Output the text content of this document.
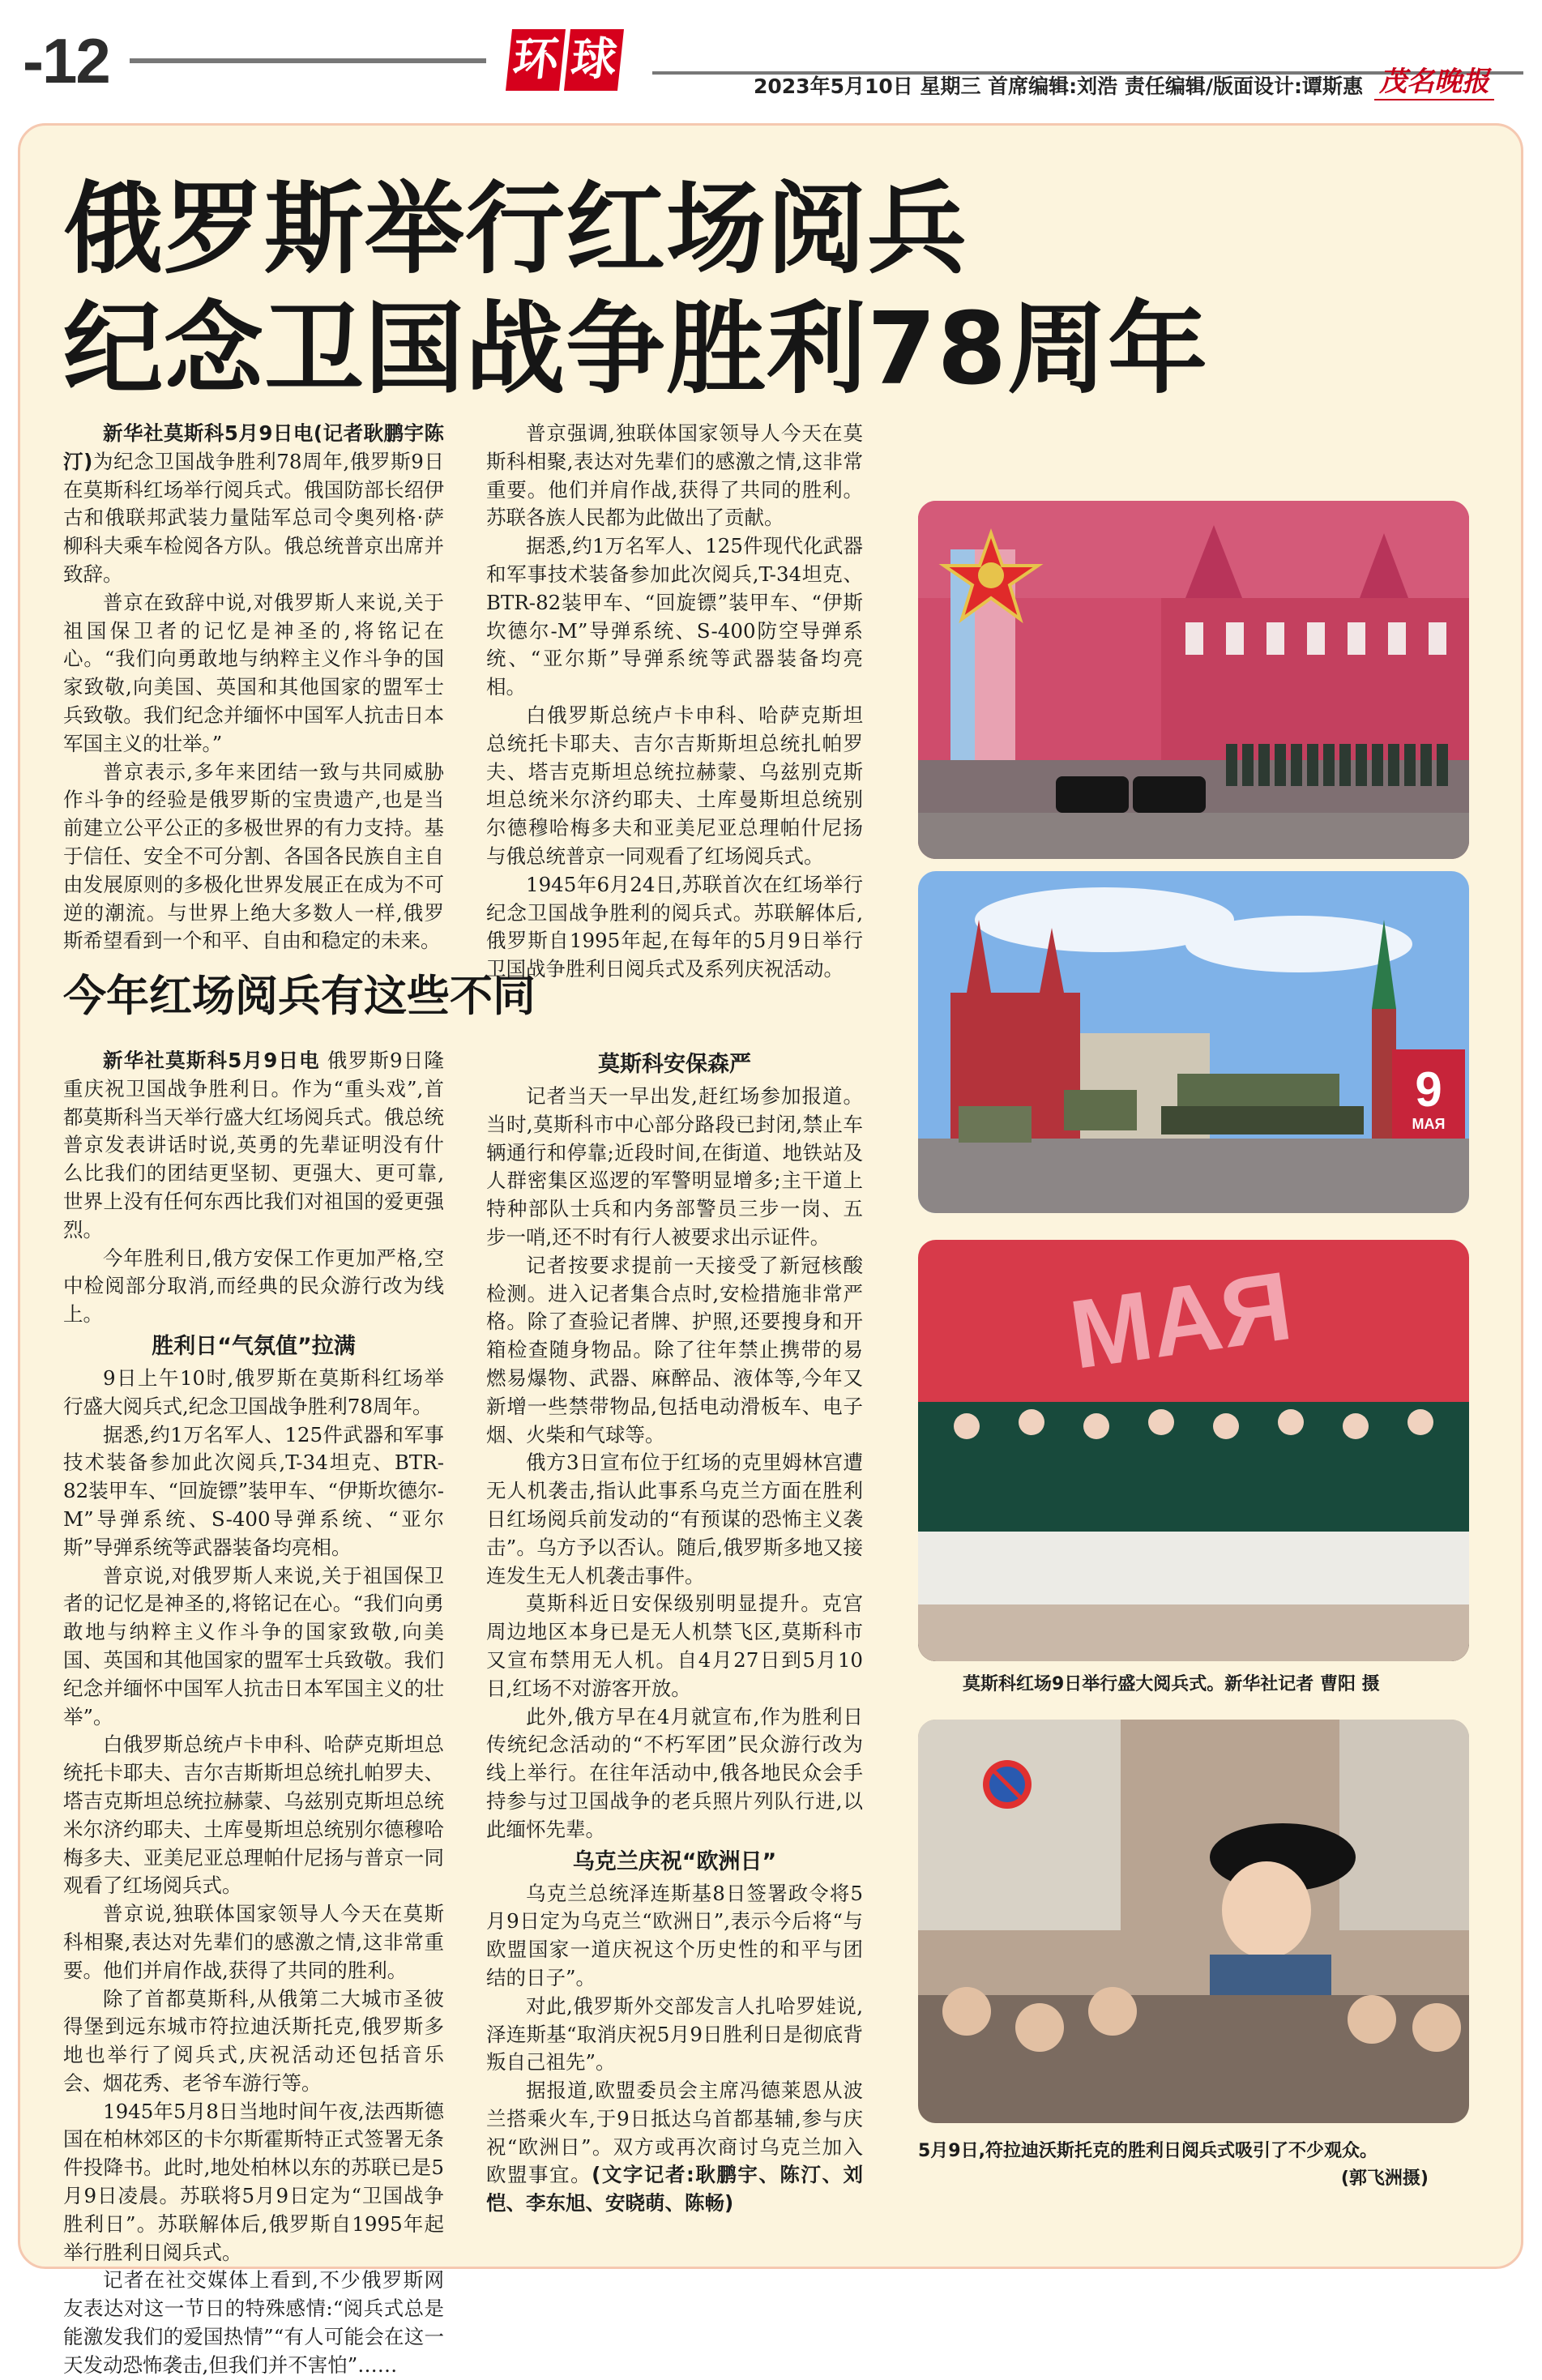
-12	环 球
2023年5月10日 星期三 首席编辑:刘浩 责任编辑/版面设计:谭斯惠 茂名晚报
俄罗斯举行红场阅兵
纪念卫国战争胜利78周年

新华社莫斯科5月9日电(记者耿鹏宇陈汀)为纪念卫国战争胜利78周年,俄罗斯9日在莫斯科红场举行阅兵式。俄国防部长绍伊古和俄联邦武装力量陆军总司令奥列格·萨柳科夫乘车检阅各方队。俄总统普京出席并致辞。

普京在致辞中说,对俄罗斯人来说,关于祖国保卫者的记忆是神圣的,将铭记在心。“我们向勇敢地与纳粹主义作斗争的国家致敬,向美国、英国和其他国家的盟军士兵致敬。我们纪念并缅怀中国军人抗击日本军国主义的壮举。”

普京表示,多年来团结一致与共同威胁作斗争的经验是俄罗斯的宝贵遗产,也是当前建立公平公正的多极世界的有力支持。基于信任、安全不可分割、各国各民族自主自由发展原则的多极化世界发展正在成为不可逆的潮流。与世界上绝大多数人一样,俄罗斯希望看到一个和平、自由和稳定的未来。

普京强调,独联体国家领导人今天在莫斯科相聚,表达对先辈们的感激之情,这非常重要。他们并肩作战,获得了共同的胜利。苏联各族人民都为此做出了贡献。

据悉,约1万名军人、125件现代化武器和军事技术装备参加此次阅兵,T-34坦克、BTR-82装甲车、“回旋镖”装甲车、“伊斯坎德尔-M”导弹系统、S-400防空导弹系统、“亚尔斯”导弹系统等武器装备均亮相。

白俄罗斯总统卢卡申科、哈萨克斯坦总统托卡耶夫、吉尔吉斯斯坦总统扎帕罗夫、塔吉克斯坦总统拉赫蒙、乌兹别克斯坦总统米尔济约耶夫、土库曼斯坦总统别尔德穆哈梅多夫和亚美尼亚总理帕什尼扬与俄总统普京一同观看了红场阅兵式。

1945年6月24日,苏联首次在红场举行纪念卫国战争胜利的阅兵式。苏联解体后,俄罗斯自1995年起,在每年的5月9日举行卫国战争胜利日阅兵式及系列庆祝活动。

今年红场阅兵有这些不同

新华社莫斯科5月9日电 俄罗斯9日隆重庆祝卫国战争胜利日。作为“重头戏”,首都莫斯科当天举行盛大红场阅兵式。俄总统普京发表讲话时说,英勇的先辈证明没有什么比我们的团结更坚韧、更强大、更可靠,世界上没有任何东西比我们对祖国的爱更强烈。

今年胜利日,俄方安保工作更加严格,空中检阅部分取消,而经典的民众游行改为线上。

胜利日“气氛值”拉满

9日上午10时,俄罗斯在莫斯科红场举行盛大阅兵式,纪念卫国战争胜利78周年。

据悉,约1万名军人、125件武器和军事技术装备参加此次阅兵,T-34坦克、BTR-82装甲车、“回旋镖”装甲车、“伊斯坎德尔-M”导弹系统、S-400导弹系统、“亚尔斯”导弹系统等武器装备均亮相。

普京说,对俄罗斯人来说,关于祖国保卫者的记忆是神圣的,将铭记在心。“我们向勇敢地与纳粹主义作斗争的国家致敬,向美国、英国和其他国家的盟军士兵致敬。我们纪念并缅怀中国军人抗击日本军国主义的壮举”。

白俄罗斯总统卢卡申科、哈萨克斯坦总统托卡耶夫、吉尔吉斯斯坦总统扎帕罗夫、塔吉克斯坦总统拉赫蒙、乌兹别克斯坦总统米尔济约耶夫、土库曼斯坦总统别尔德穆哈梅多夫、亚美尼亚总理帕什尼扬与普京一同观看了红场阅兵式。

普京说,独联体国家领导人今天在莫斯科相聚,表达对先辈们的感激之情,这非常重要。他们并肩作战,获得了共同的胜利。

除了首都莫斯科,从俄第二大城市圣彼得堡到远东城市符拉迪沃斯托克,俄罗斯多地也举行了阅兵式,庆祝活动还包括音乐会、烟花秀、老爷车游行等。

1945年5月8日当地时间午夜,法西斯德国在柏林郊区的卡尔斯霍斯特正式签署无条件投降书。此时,地处柏林以东的苏联已是5月9日凌晨。苏联将5月9日定为“卫国战争胜利日”。苏联解体后,俄罗斯自1995年起举行胜利日阅兵式。

记者在社交媒体上看到,不少俄罗斯网友表达对这一节日的特殊感情:“阅兵式总是能激发我们的爱国热情”“有人可能会在这一天发动恐怖袭击,但我们并不害怕”……

莫斯科安保森严

记者当天一早出发,赶红场参加报道。当时,莫斯科市中心部分路段已封闭,禁止车辆通行和停靠;近段时间,在街道、地铁站及人群密集区巡逻的军警明显增多;主干道上特种部队士兵和内务部警员三步一岗、五步一哨,还不时有行人被要求出示证件。

记者按要求提前一天接受了新冠核酸检测。进入记者集合点时,安检措施非常严格。除了查验记者牌、护照,还要搜身和开箱检查随身物品。除了往年禁止携带的易燃易爆物、武器、麻醉品、液体等,今年又新增一些禁带物品,包括电动滑板车、电子烟、火柴和气球等。

俄方3日宣布位于红场的克里姆林宫遭无人机袭击,指认此事系乌克兰方面在胜利日红场阅兵前发动的“有预谋的恐怖主义袭击”。乌方予以否认。随后,俄罗斯多地又接连发生无人机袭击事件。

莫斯科近日安保级别明显提升。克宫周边地区本身已是无人机禁飞区,莫斯科市又宣布禁用无人机。自4月27日到5月10日,红场不对游客开放。

此外,俄方早在4月就宣布,作为胜利日传统纪念活动的“不朽军团”民众游行改为线上举行。在往年活动中,俄各地民众会手持参与过卫国战争的老兵照片列队行进,以此缅怀先辈。

乌克兰庆祝“欧洲日”

乌克兰总统泽连斯基8日签署政令将5月9日定为乌克兰“欧洲日”,表示今后将“与欧盟国家一道庆祝这个历史性的和平与团结的日子”。

对此,俄罗斯外交部发言人扎哈罗娃说,泽连斯基“取消庆祝5月9日胜利日是彻底背叛自己祖先”。

据报道,欧盟委员会主席冯德莱恩从波兰搭乘火车,于9日抵达乌首都基辅,参与庆祝“欧洲日”。双方或再次商讨乌克兰加入欧盟事宜。(文字记者:耿鹏宇、陈汀、刘恺、李东旭、安晓萌、陈畅)

9
МАЯ
МАЯ
莫斯科红场9日举行盛大阅兵式。新华社记者 曹阳 摄
5月9日,符拉迪沃斯托克的胜利日阅兵式吸引了不少观众。
(郭飞洲摄)
